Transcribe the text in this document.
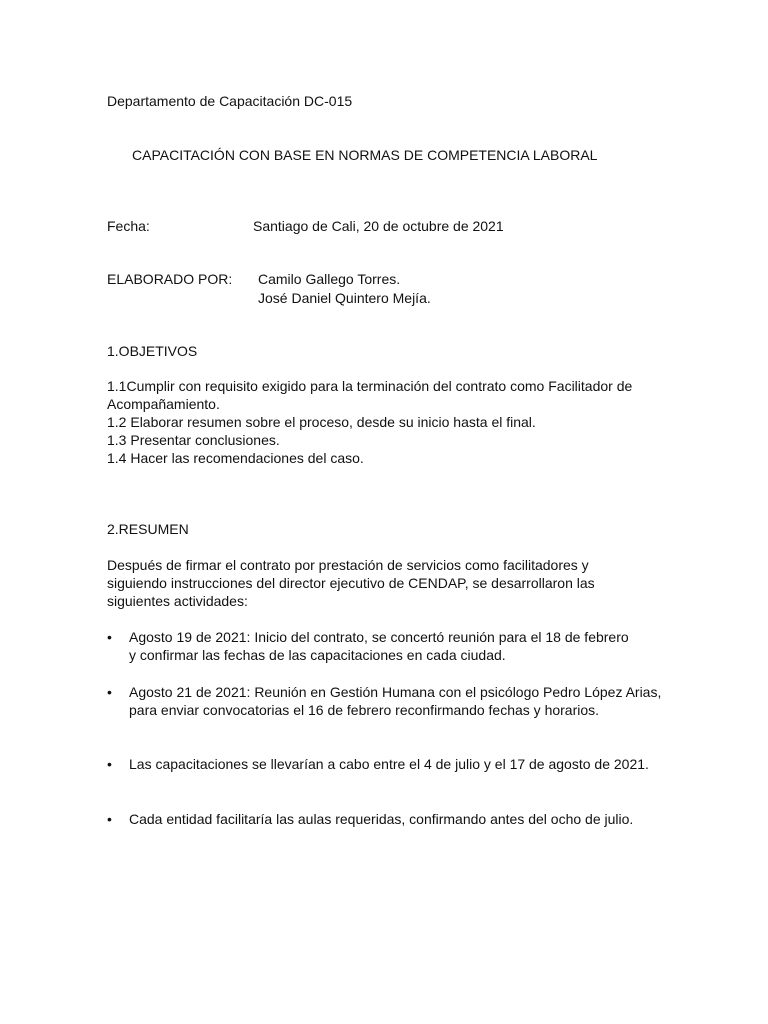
Departamento de Capacitación DC-015
CAPACITACIÓN CON BASE EN NORMAS DE COMPETENCIA LABORAL
Fecha:	Santiago de Cali, 20 de octubre de 2021
ELABORADO POR: Camilo Gallego Torres.
José Daniel Quintero Mejía.
1.OBJETIVOS
1.1Cumplir con requisito exigido para la terminación del contrato como Facilitador de Acompañamiento.
1.2 Elaborar resumen sobre el proceso, desde su inicio hasta el final.
1.3 Presentar conclusiones.
1.4 Hacer las recomendaciones del caso.
2.RESUMEN
Después de firmar el contrato por prestación de servicios como facilitadores y siguiendo instrucciones del director ejecutivo de CENDAP, se desarrollaron las siguientes actividades:
•	Agosto 19 de 2021: Inicio del contrato, se concertó reunión para el 18 de febrero y confirmar las fechas de las capacitaciones en cada ciudad.
•	Agosto 21 de 2021: Reunión en Gestión Humana con el psicólogo Pedro López Arias, para enviar convocatorias el 16 de febrero reconfirmando fechas y horarios.
•	Las capacitaciones se llevarían a cabo entre el 4 de julio y el 17 de agosto de 2021.
•	Cada entidad facilitaría las aulas requeridas, confirmando antes del ocho de julio.
